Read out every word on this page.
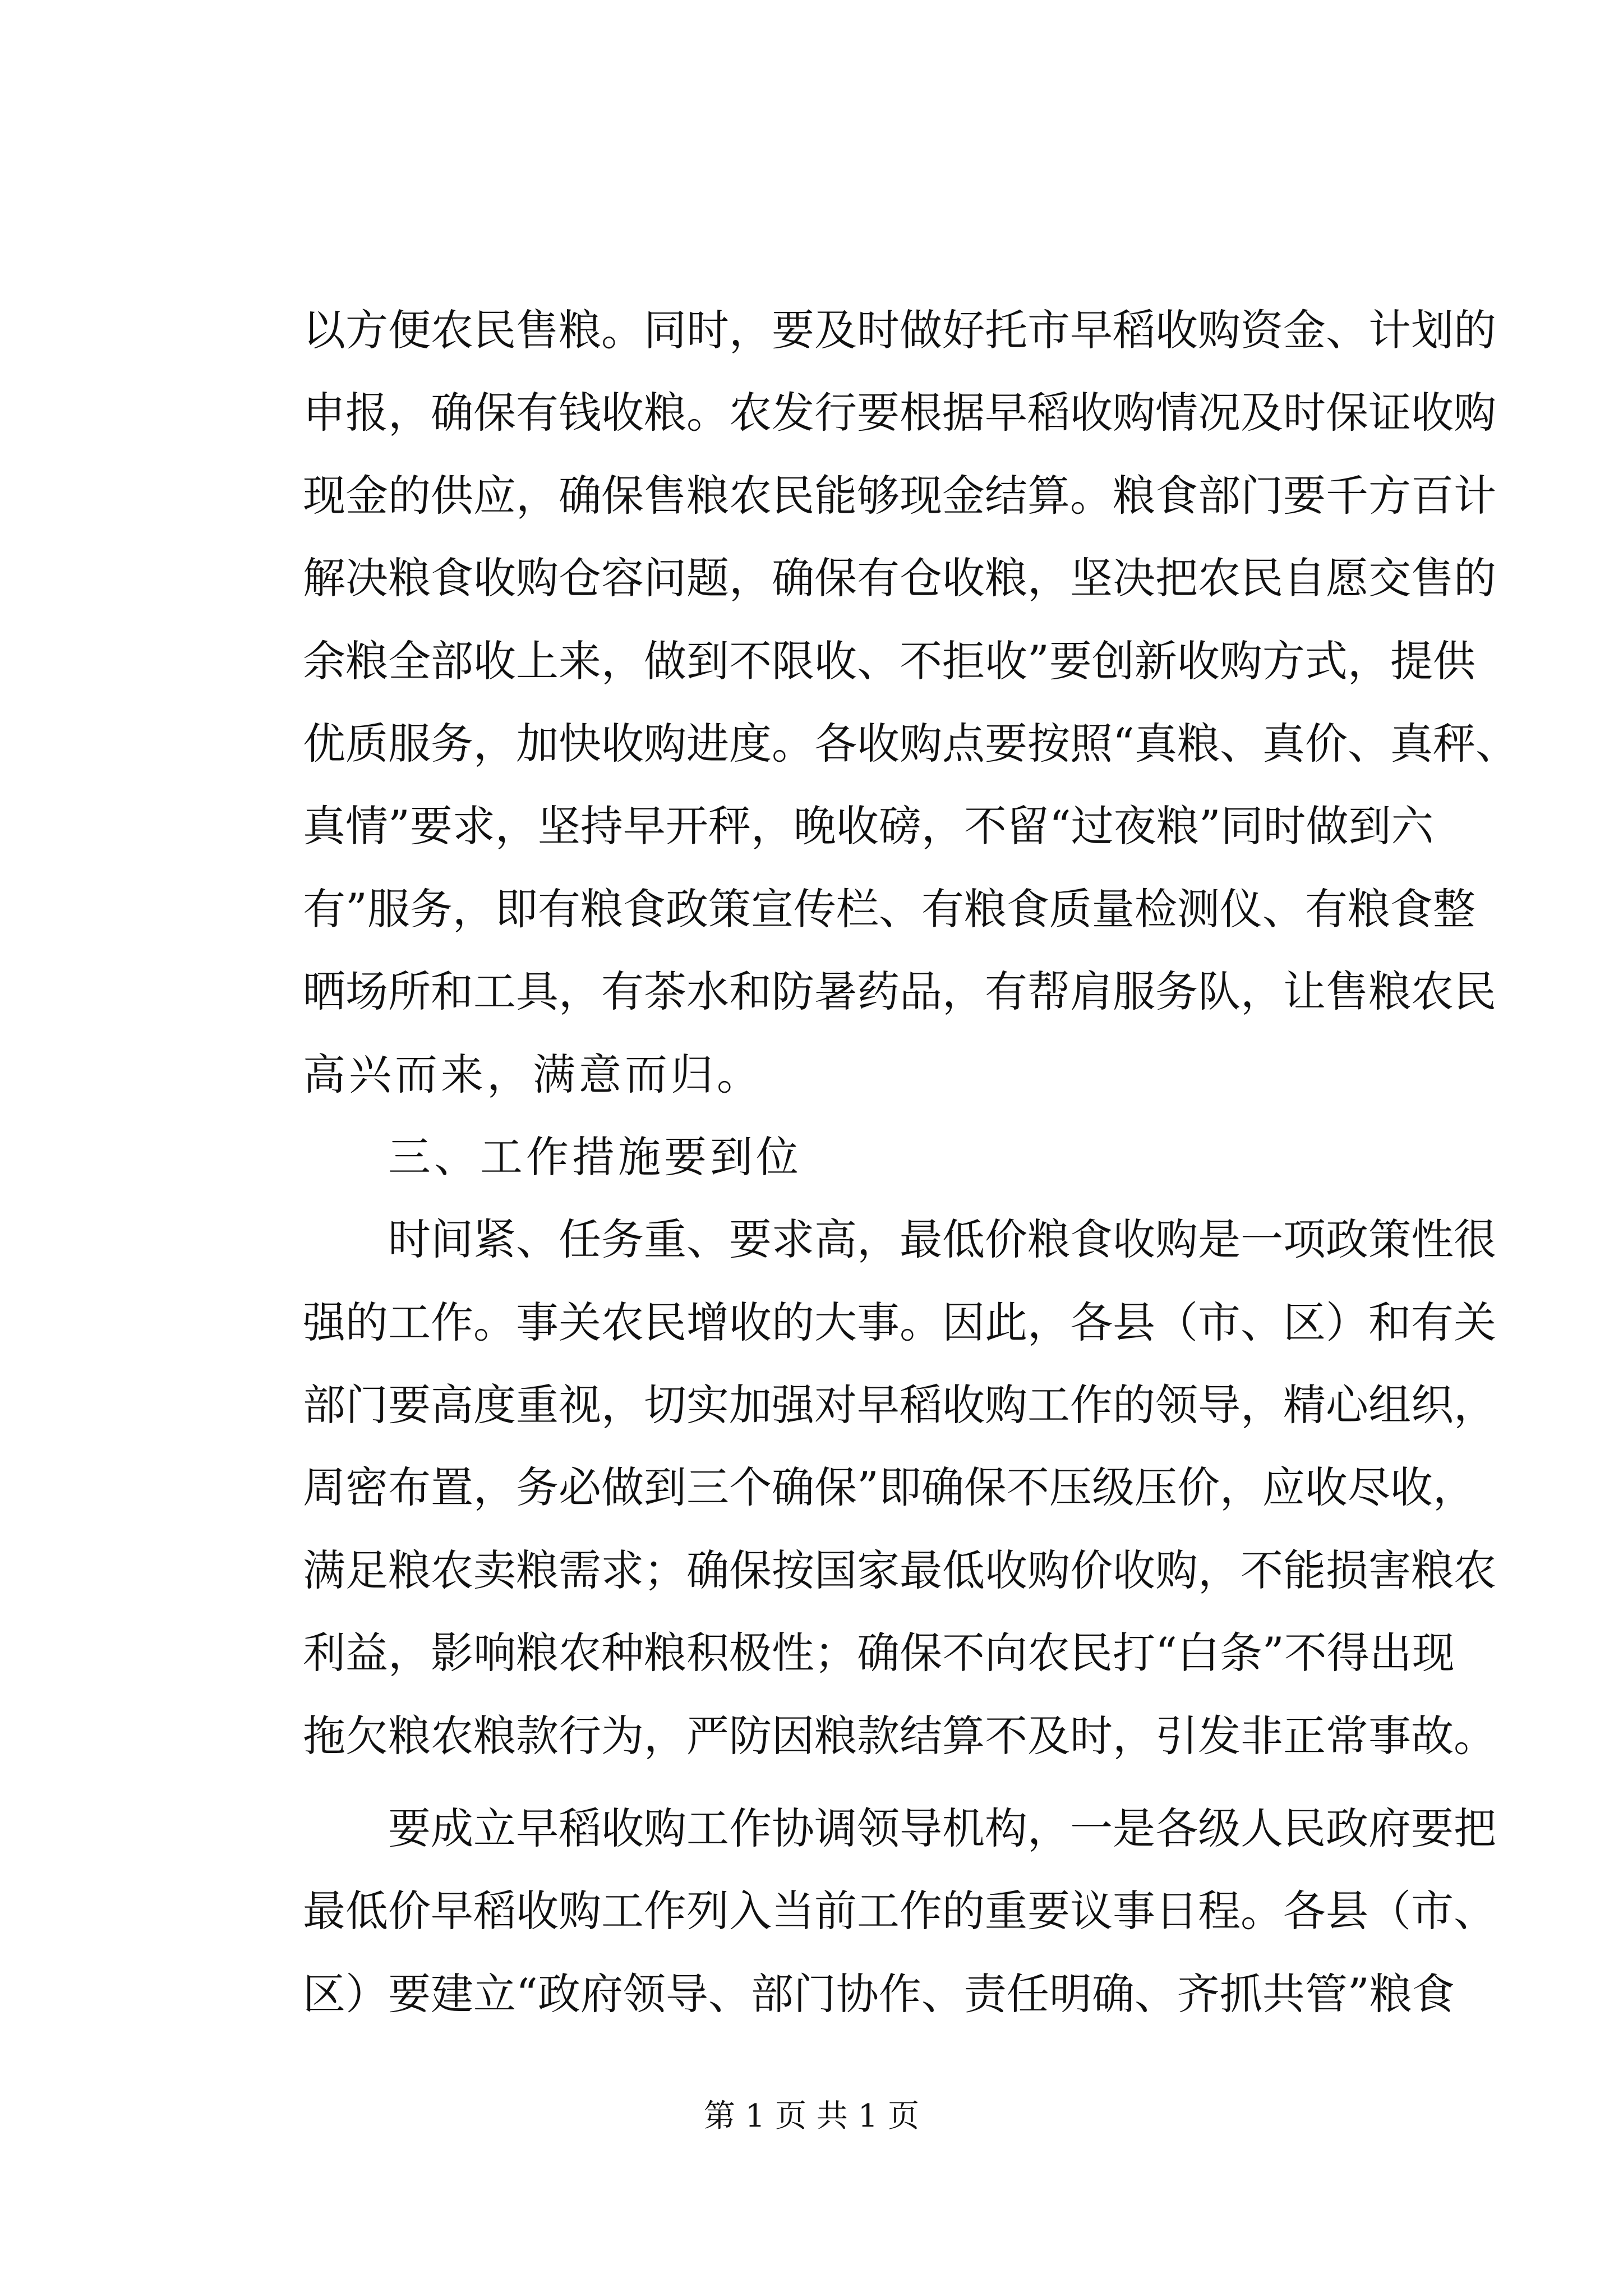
以方便农民售粮。同时，要及时做好托市早稻收购资金、计划的
申报，确保有钱收粮。农发行要根据早稻收购情况及时保证收购
现金的供应，确保售粮农民能够现金结算。粮食部门要千方百计
解决粮食收购仓容问题，确保有仓收粮，坚决把农民自愿交售的
余粮全部收上来，做到不限收、不拒收”要创新收购方式，提供
优质服务，加快收购进度。各收购点要按照“真粮、真价、真秤、
真情”要求，坚持早开秤，晚收磅，不留“过夜粮”同时做到六
有”服务，即有粮食政策宣传栏、有粮食质量检测仪、有粮食整
晒场所和工具，有茶水和防暑药品，有帮肩服务队，让售粮农民
高兴而来，满意而归。
三、工作措施要到位
时间紧、任务重、要求高，最低价粮食收购是一项政策性很
强的工作。事关农民增收的大事。因此，各县（市、区）和有关
部门要高度重视，切实加强对早稻收购工作的领导，精心组织，
周密布置，务必做到三个确保”即确保不压级压价，应收尽收，
满足粮农卖粮需求；确保按国家最低收购价收购，不能损害粮农
利益，影响粮农种粮积极性；确保不向农民打“白条”不得出现
拖欠粮农粮款行为，严防因粮款结算不及时，引发非正常事故。
要成立早稻收购工作协调领导机构，一是各级人民政府要把
最低价早稻收购工作列入当前工作的重要议事日程。各县（市、
区）要建立“政府领导、部门协作、责任明确、齐抓共管”粮食
第 1 页 共 1 页
